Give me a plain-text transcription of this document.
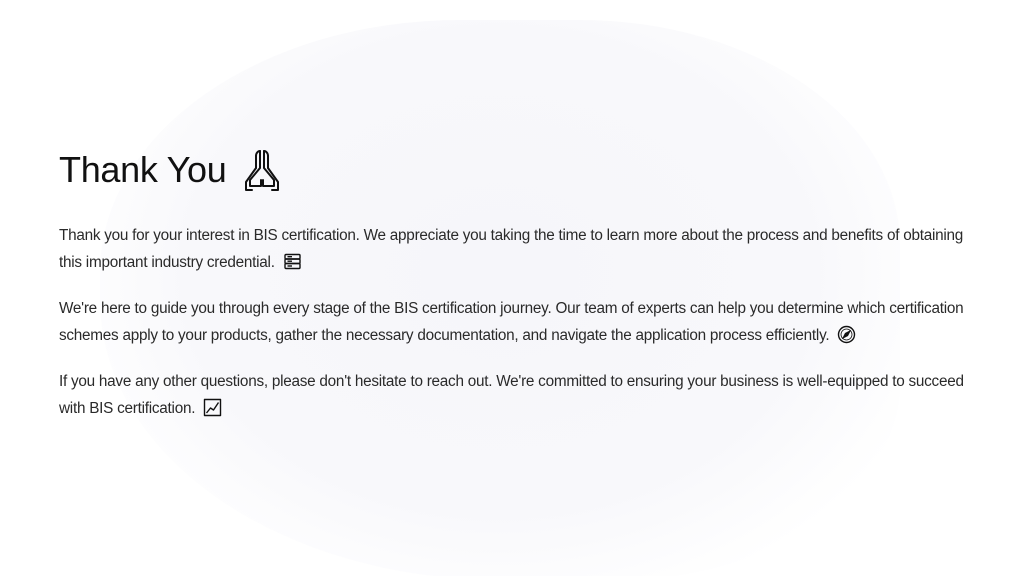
Thank You

Thank you for your interest in BIS certification. We appreciate you taking the time to learn more about the process and benefits of obtaining this important industry credential.

We're here to guide you through every stage of the BIS certification journey. Our team of experts can help you determine which certification schemes apply to your products, gather the necessary documentation, and navigate the application process efficiently.

If you have any other questions, please don't hesitate to reach out. We're committed to ensuring your business is well-equipped to succeed with BIS certification.
